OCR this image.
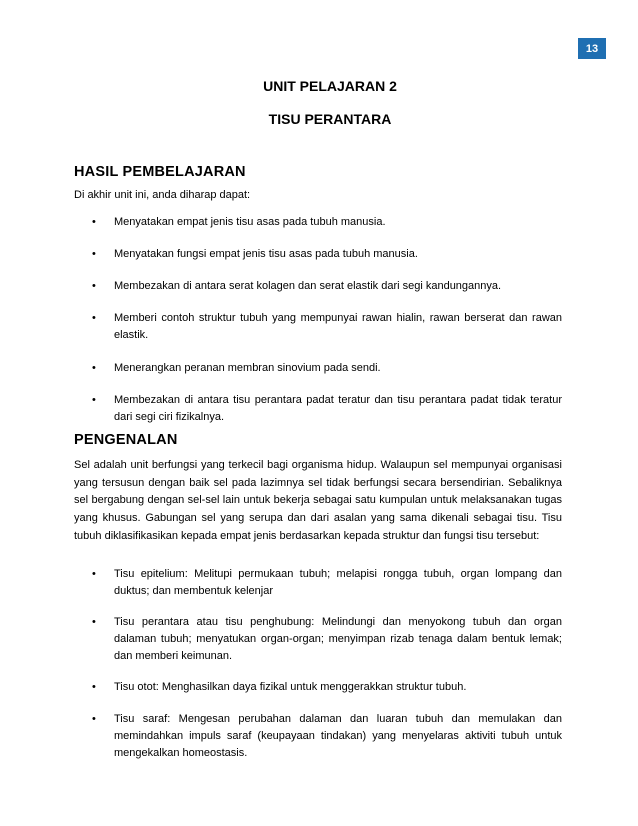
13
UNIT PELAJARAN 2
TISU PERANTARA
HASIL PEMBELAJARAN
Di akhir unit ini, anda diharap dapat:
• Menyatakan empat jenis tisu asas pada tubuh manusia.
• Menyatakan fungsi empat jenis tisu asas pada tubuh manusia.
• Membezakan di antara serat kolagen dan serat elastik dari segi kandungannya.
• Memberi contoh struktur tubuh yang mempunyai rawan hialin, rawan berserat dan rawan elastik.
• Menerangkan peranan membran sinovium pada sendi.
• Membezakan di antara tisu perantara padat teratur dan tisu perantara padat tidak teratur dari segi ciri fizikalnya.
PENGENALAN

Sel adalah unit berfungsi yang terkecil bagi organisma hidup. Walaupun sel mempunyai organisasi yang tersusun dengan baik sel pada lazimnya sel tidak berfungsi secara bersendirian. Sebaliknya sel bergabung dengan sel-sel lain untuk bekerja sebagai satu kumpulan untuk melaksanakan tugas yang khusus. Gabungan sel yang serupa dan dari asalan yang sama dikenali sebagai tisu. Tisu tubuh diklasifikasikan kepada empat jenis berdasarkan kepada struktur dan fungsi tisu tersebut:

• Tisu epitelium: Melitupi permukaan tubuh; melapisi rongga tubuh, organ lompang dan duktus; dan membentuk kelenjar
• Tisu perantara atau tisu penghubung: Melindungi dan menyokong tubuh dan organ dalaman tubuh; menyatukan organ-organ; menyimpan rizab tenaga dalam bentuk lemak; dan memberi keimunan.
• Tisu otot: Menghasilkan daya fizikal untuk menggerakkan struktur tubuh.
• Tisu saraf: Mengesan perubahan dalaman dan luaran tubuh dan memulakan dan memindahkan impuls saraf (keupayaan tindakan) yang menyelaras aktiviti tubuh untuk mengekalkan homeostasis.
